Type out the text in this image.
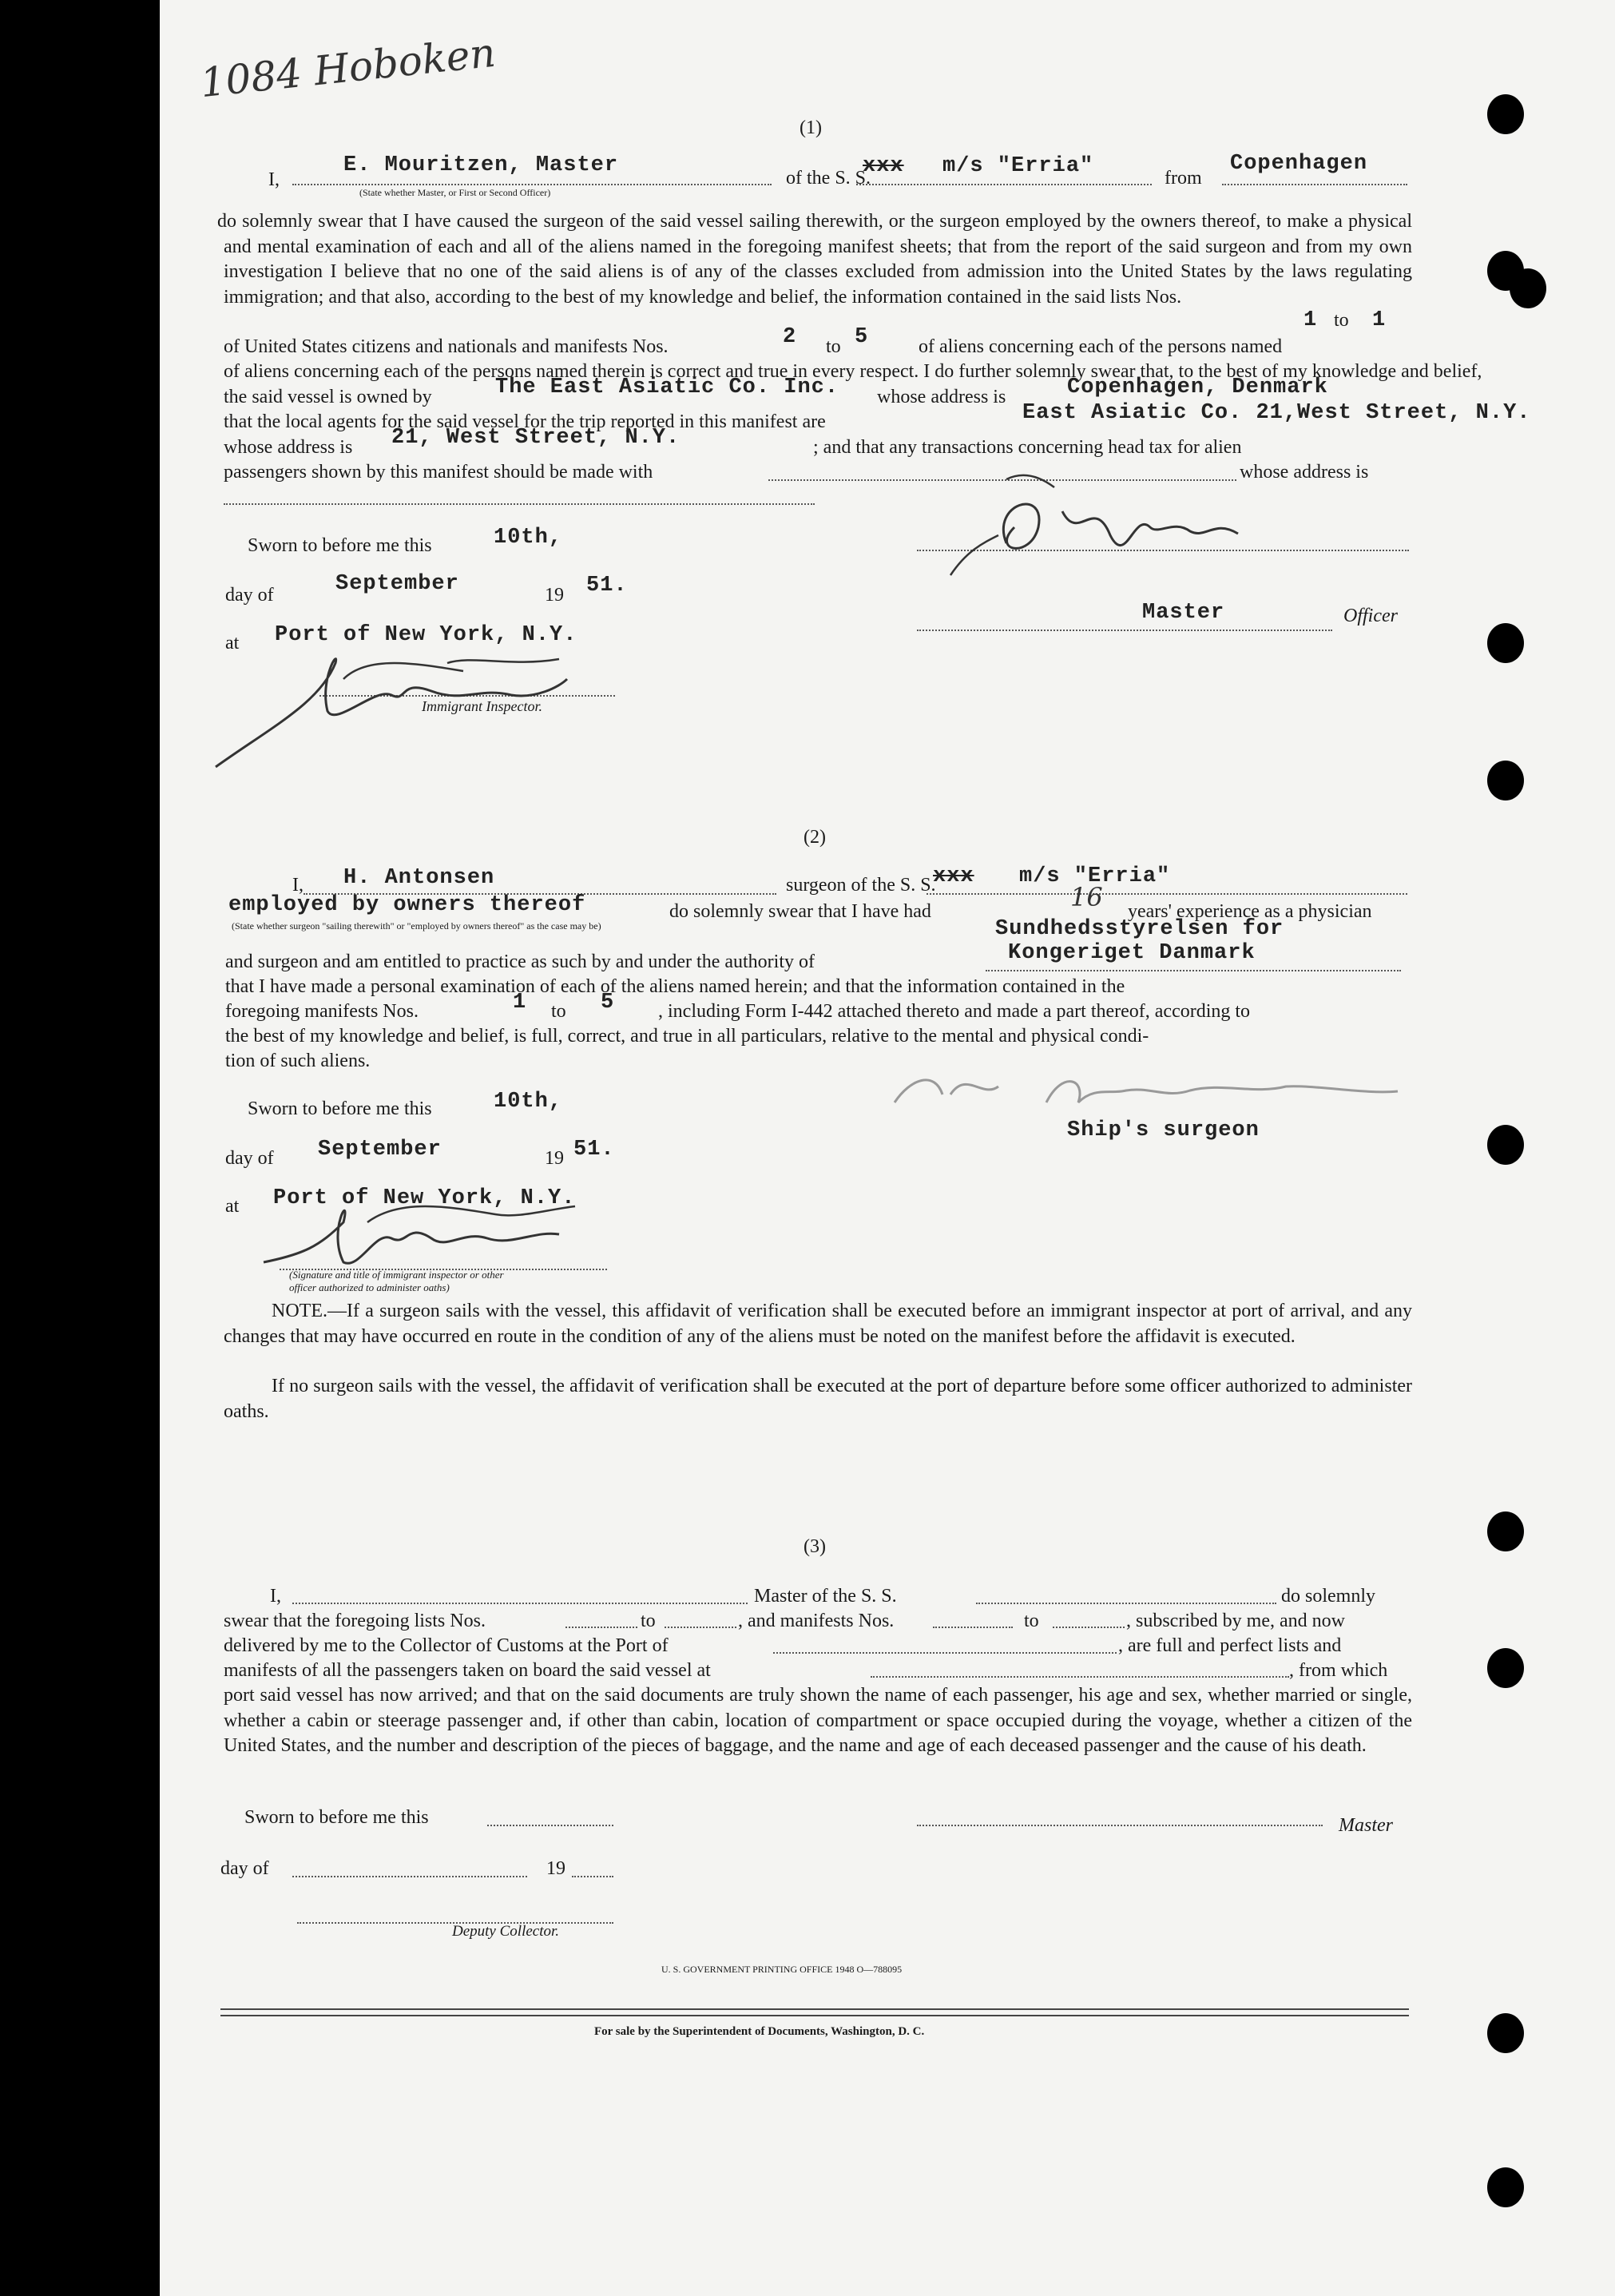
1084 Hoboken
(1)
I,
E. Mouritzen, Master
(State whether Master, or First or Second Officer)
of the S. S.
xxx m/s "Erria"	from
Copenhagen
do solemnly swear that I have caused the surgeon of the said vessel sailing therewith, or the surgeon employed by the owners thereof, to make a physical and mental examination of each and all of the aliens named in the foregoing manifest sheets; that from the report of the said surgeon and from my own investigation I believe that no one of the said aliens is of any of the classes excluded from admission into the United States by the laws regulating immigration; and that also, according to the best of my knowledge and belief, the information contained in the said lists Nos.
1 to 1
of United States citizens and nationals and manifests Nos.	2 to 5	of aliens concerning each of the persons named
of aliens concerning each of the persons named therein is correct and true in every respect. I do further solemnly swear that, to the best of my knowledge and belief,
the said vessel is owned by	The East Asiatic Co. Inc. whose address is	Copenhagen, Denmark
that the local agents for the said vessel for the trip reported in this manifest are	East Asiatic Co. 21,West Street, N.Y.
whose address is 21, West Street, N.Y.	; and that any transactions concerning head tax for alien
passengers shown by this manifest should be made with	whose address is
Sworn to before me this	10th,
day of	September	19 51.
at Port of New York, N.Y.
Immigrant Inspector.
Master	Officer
(2)
I, H. Antonsen	surgeon of the S. S.
xxx m/s "Erria"
employed by owners thereof
(State whether surgeon "sailing therewith" or "employed by owners thereof" as the case may be)
do solemnly swear that I have had	16 years' experience as a physician
Sundhedsstyrelsen for
and surgeon and am entitled to practice as such by and under the authority of	Kongeriget Danmark
that I have made a personal examination of each of the aliens named herein; and that the information contained in the
foregoing manifests Nos.	1 to 5 , including Form I-442 attached thereto and made a part thereof, according to
the best of my knowledge and belief, is full, correct, and true in all particulars, relative to the mental and physical condi-
tion of such aliens.
Sworn to before me this	10th,
day of September	19 51.
at Port of New York, N.Y.
(Signature and title of immigrant inspector or other officer authorized to administer oaths)
Ship's surgeon
NOTE.—If a surgeon sails with the vessel, this affidavit of verification shall be executed before an immigrant inspector at port of arrival, and any changes that may have occurred en route in the condition of any of the aliens must be noted on the manifest before the affidavit is executed.
If no surgeon sails with the vessel, the affidavit of verification shall be executed at the port of departure before some officer authorized to administer oaths.
(3)
I,	Master of the S. S.	do solemnly
swear that the foregoing lists Nos.	to	, and manifests Nos.	to	, subscribed by me, and now
delivered by me to the Collector of Customs at the Port of	, are full and perfect lists and
manifests of all the passengers taken on board the said vessel at	, from which
port said vessel has now arrived; and that on the said documents are truly shown the name of each passenger, his age and sex, whether married or single, whether a cabin or steerage passenger and, if other than cabin, location of compartment or space occupied during the voyage, whether a citizen of the United States, and the number and description of the pieces of baggage, and the name and age of each deceased passenger and the cause of his death.
Sworn to before me this	Master
day of	19
Deputy Collector.
U. S. GOVERNMENT PRINTING OFFICE 1948 O—788095
For sale by the Superintendent of Documents, Washington, D. C.
